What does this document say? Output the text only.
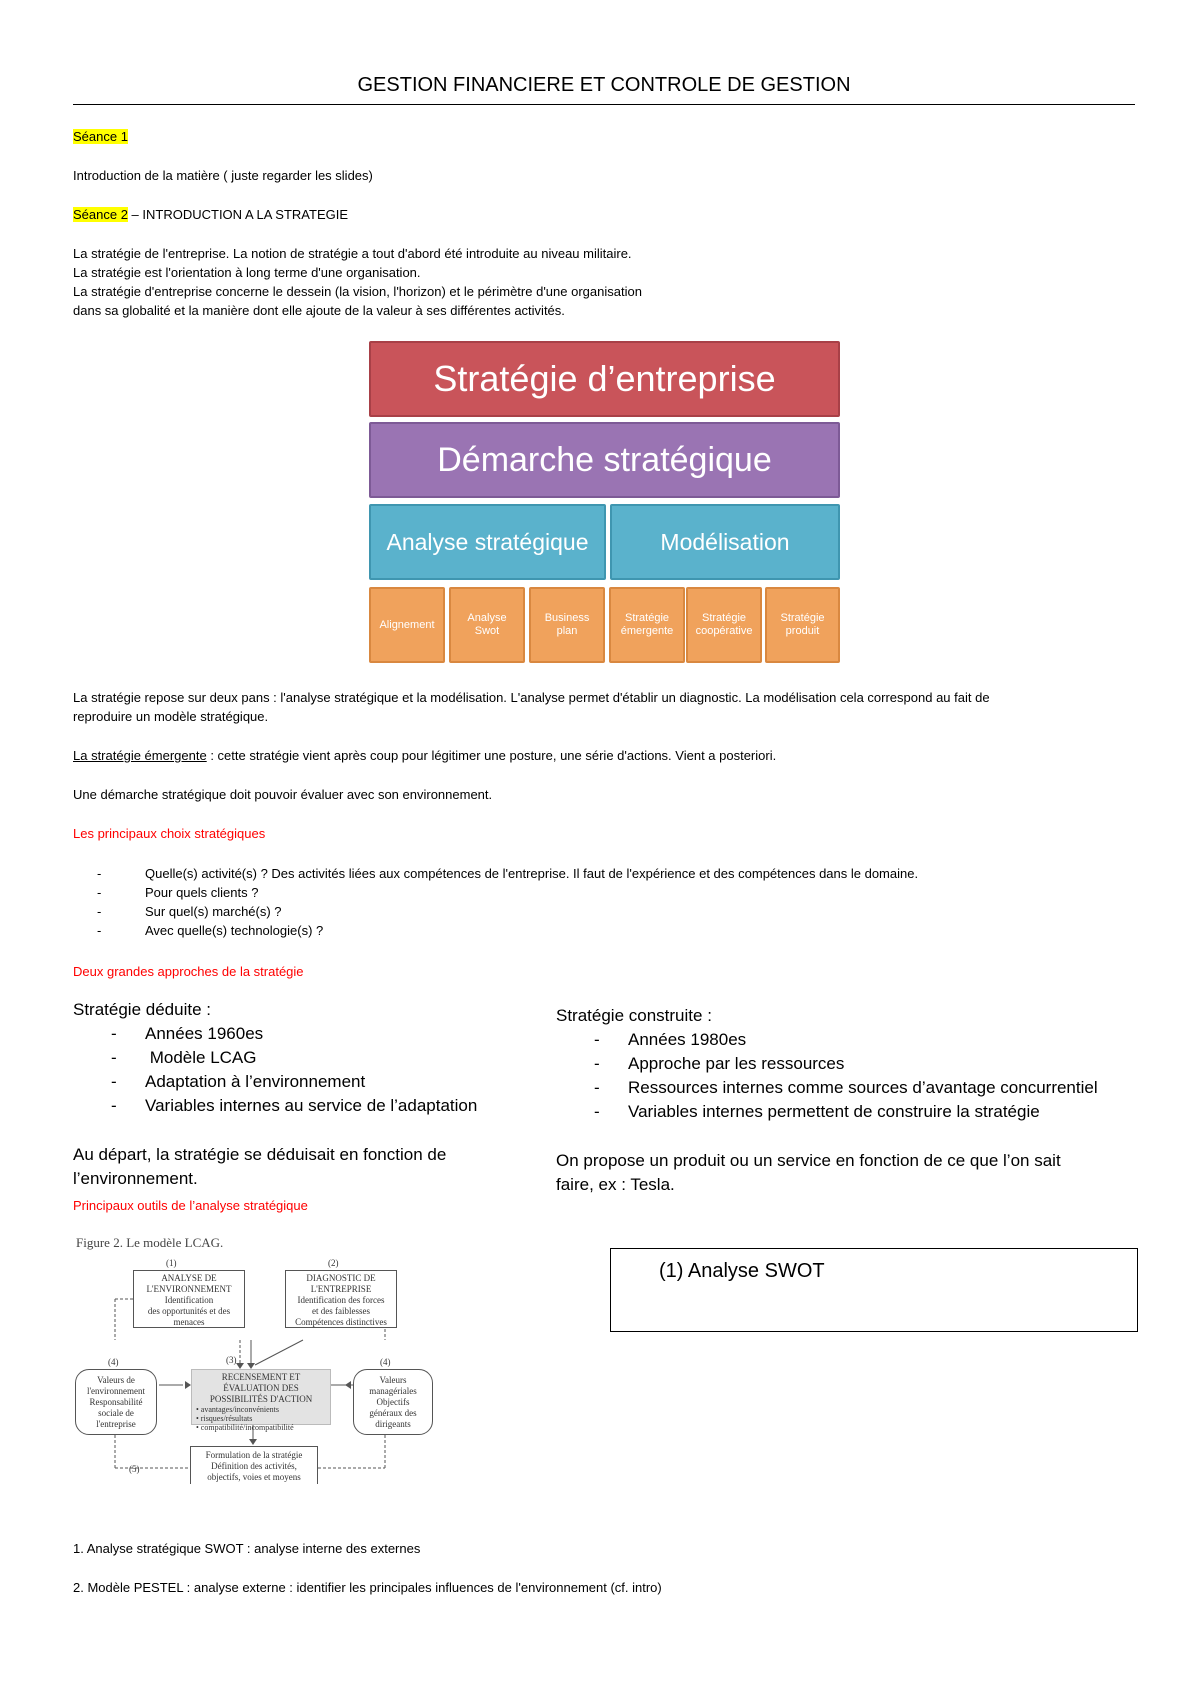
GESTION FINANCIERE ET CONTROLE DE GESTION
Séance 1
Introduction de la matière ( juste regarder les slides)
Séance 2 – INTRODUCTION A LA STRATEGIE
La stratégie de l'entreprise. La notion de stratégie a tout d'abord été introduite au niveau militaire.
La stratégie est l'orientation à long terme d'une organisation.
La stratégie d'entreprise concerne le dessein (la vision, l'horizon) et le périmètre d'une organisation
dans sa globalité et la manière dont elle ajoute de la valeur à ses différentes activités.
Stratégie d’entreprise
Démarche stratégique
Analyse stratégique	Modélisation
Alignement
Analyse Swot
Business plan
Stratégie émergente
Stratégie coopérative
Stratégie produit
La stratégie repose sur deux pans : l'analyse stratégique et la modélisation. L'analyse permet d'établir un diagnostic. La modélisation cela correspond au fait de
reproduire un modèle stratégique.
La stratégie émergente : cette stratégie vient après coup pour légitimer une posture, une série d'actions. Vient a posteriori.
Une démarche stratégique doit pouvoir évaluer avec son environnement.
Les principaux choix stratégiques
- Quelle(s) activité(s) ? Des activités liées aux compétences de l'entreprise. Il faut de l'expérience et des compétences dans le domaine.
- Pour quels clients ?
- Sur quel(s) marché(s) ?
- Avec quelle(s) technologie(s) ?
Deux grandes approches de la stratégie
Stratégie déduite :
- Années 1960es
-  Modèle LCAG
- Adaptation à l’environnement
- Variables internes au service de l’adaptation
Au départ, la stratégie se déduisait en fonction de
l’environnement.
Stratégie construite :
- Années 1980es
- Approche par les ressources
- Ressources internes comme sources d’avantage concurrentiel
- Variables internes permettent de construire la stratégie
On propose un produit ou un service en fonction de ce que l’on sait
faire, ex : Tesla.
Principaux outils de l’analyse stratégique
Figure 2. Le modèle LCAG.
(1)	(2)
(3)
(4)	(4)
(5)
ANALYSE DE
L'ENVIRONNEMENT
Identification
des opportunités et des
menaces
DIAGNOSTIC DE
L'ENTREPRISE
Identification des forces
et des faiblesses
Compétences distinctives
RECENSEMENT ET
ÉVALUATION DES
POSSIBILITÉS D'ACTION
• avantages/inconvénients
• risques/résultats
• compatibilité/incompatibilité
Valeurs de
l'environnement
Responsabilité
sociale de
l'entreprise
Valeurs
managériales
Objectifs
généraux des
dirigeants
Formulation de la stratégie
Définition des activités,
objectifs, voies et moyens
(1) Analyse SWOT
1. Analyse stratégique SWOT : analyse interne des externes
2. Modèle PESTEL : analyse externe : identifier les principales influences de l'environnement (cf. intro)
